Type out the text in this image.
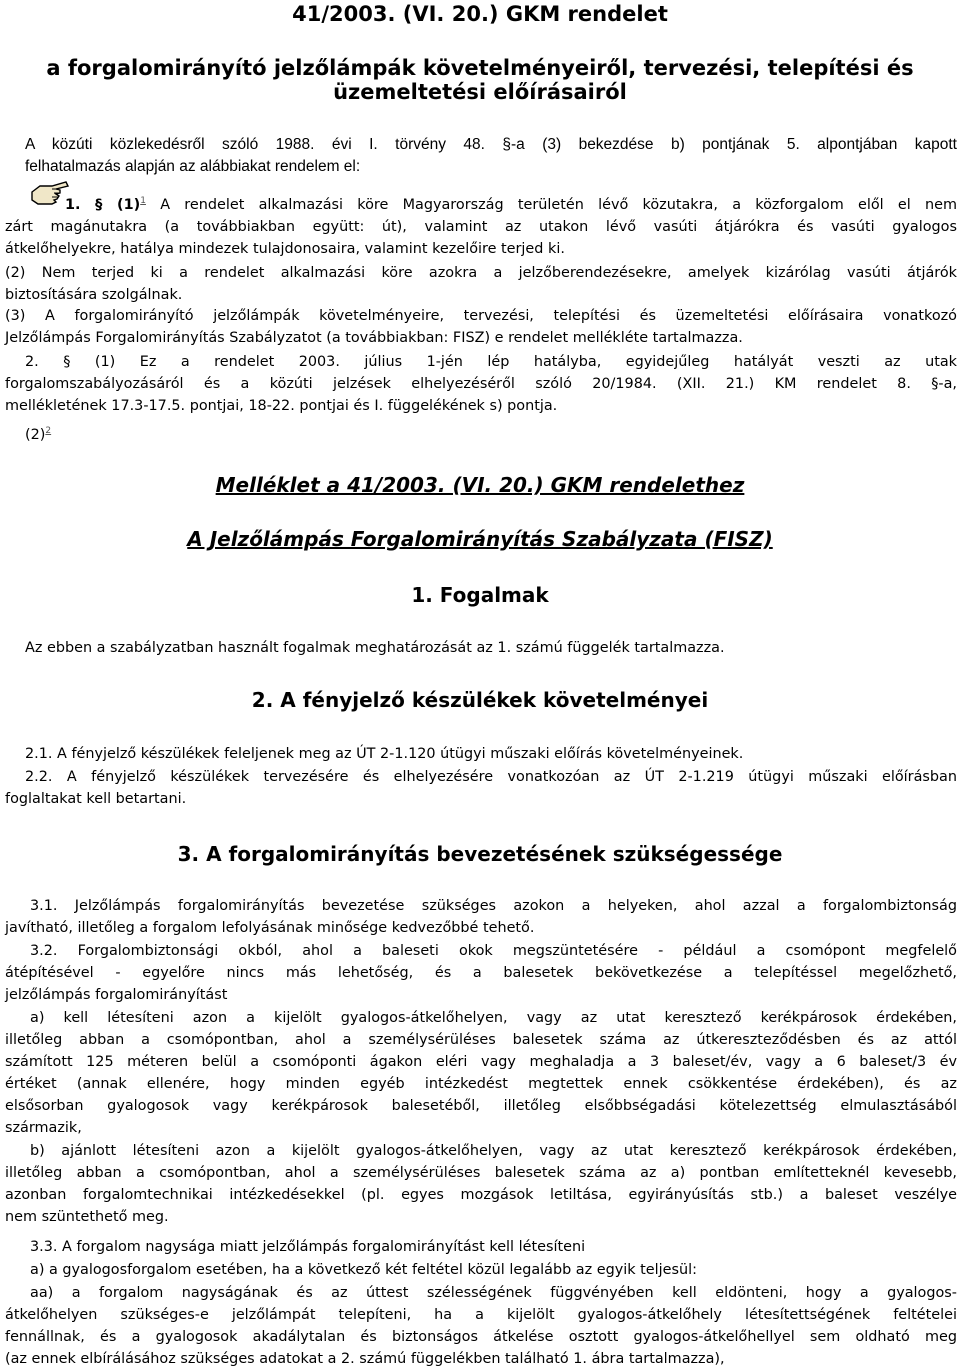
41/2003. (VI. 20.) GKM rendelet
a forgalomirányító jelzőlámpák követelményeiről, tervezési, telepítési és
üzemeltetési előírásairól
A közúti közlekedésről szóló 1988. évi I. törvény 48. §-a (3) bekezdése b) pontjának 5. alpontjában kapott
felhatalmazás alapján az alábbiakat rendelem el:
1. § $(1)^1$ A rendelet alkalmazási köre Magyarország területén lévő közutakra, a közforgalom elől el nem
zárt magánutakra (a továbbiakban együtt: út), valamint az utakon lévő vasúti átjárókra és vasúti gyalogos
átkelőhelyekre, hatálya mindezek tulajdonosaira, valamint kezelőire terjed ki.
(2) Nem terjed ki a rendelet alkalmazási köre azokra a jelzőberendezésekre, amelyek kizárólag vasúti átjárók
biztosítására szolgálnak.
(3) A forgalomirányító jelzőlámpák követelményeire, tervezési, telepítési és üzemeltetési előírásaira vonatkozó
Jelzőlámpás Forgalomirányítás Szabályzatot (a továbbiakban: FISZ) e rendelet mellékléte tartalmazza.
2. § (1) Ez a rendelet 2003. július 1-jén lép hatályba, egyidejűleg hatályát veszti az utak
forgalomszabályozásáról és a közúti jelzések elhelyezéséről szóló 20/1984. (XII. 21.) KM rendelet 8. §-a,
mellékletének 17.3-17.5. pontjai, 18-22. pontjai és I. függelékének s) pontja.
$(2)^2$
Melléklet a 41/2003. (VI. 20.) GKM rendelethez
A Jelzőlámpás Forgalomirányítás Szabályzata (FISZ)
1. Fogalmak
Az ebben a szabályzatban használt fogalmak meghatározását az 1. számú függelék tartalmazza.
2. A fényjelző készülékek követelményei
2.1. A fényjelző készülékek feleljenek meg az ÚT 2-1.120 útügyi műszaki előírás követelményeinek.
2.2. A fényjelző készülékek tervezésére és elhelyezésére vonatkozóan az ÚT 2-1.219 útügyi műszaki előírásban
foglaltakat kell betartani.
3. A forgalomirányítás bevezetésének szükségessége
3.1. Jelzőlámpás forgalomirányítás bevezetése szükséges azokon a helyeken, ahol azzal a forgalombiztonság
javítható, illetőleg a forgalom lefolyásának minősége kedvezőbbé tehető.
3.2. Forgalombiztonsági okból, ahol a baleseti okok megszüntetésére - például a csomópont megfelelő
átépítésével - egyelőre nincs más lehetőség, és a balesetek bekövetkezése a telepítéssel megelőzhető,
jelzőlámpás forgalomirányítást
a) kell létesíteni azon a kijelölt gyalogos-átkelőhelyen, vagy az utat keresztező kerékpárosok érdekében,
illetőleg abban a csomópontban, ahol a személysérüléses balesetek száma az útkereszteződésben és az attól
számított 125 méteren belül a csomóponti ágakon eléri vagy meghaladja a 3 baleset/év, vagy a 6 baleset/3 év
értéket (annak ellenére, hogy minden egyéb intézkedést megtettek ennek csökkentése érdekében), és az
elsősorban gyalogosok vagy kerékpárosok balesetéből, illetőleg elsőbbségadási kötelezettség elmulasztásából
származik,
b) ajánlott létesíteni azon a kijelölt gyalogos-átkelőhelyen, vagy az utat keresztező kerékpárosok érdekében,
illetőleg abban a csomópontban, ahol a személysérüléses balesetek száma az a) pontban említetteknél kevesebb,
azonban forgalomtechnikai intézkedésekkel (pl. egyes mozgások letiltása, egyirányúsítás stb.) a baleset veszélye
nem szüntethető meg.
3.3. A forgalom nagysága miatt jelzőlámpás forgalomirányítást kell létesíteni
a) a gyalogosforgalom esetében, ha a következő két feltétel közül legalább az egyik teljesül:
aa) a forgalom nagyságának és az úttest szélességének függvényében kell eldönteni, hogy a gyalogos-
átkelőhelyen szükséges-e jelzőlámpát telepíteni, ha a kijelölt gyalogos-átkelőhely létesítettségének feltételei
fennállnak, és a gyalogosok akadálytalan és biztonságos átkelése osztott gyalogos-átkelőhellyel sem oldható meg
(az ennek elbírálásához szükséges adatokat a 2. számú függelékben található 1. ábra tartalmazza),
